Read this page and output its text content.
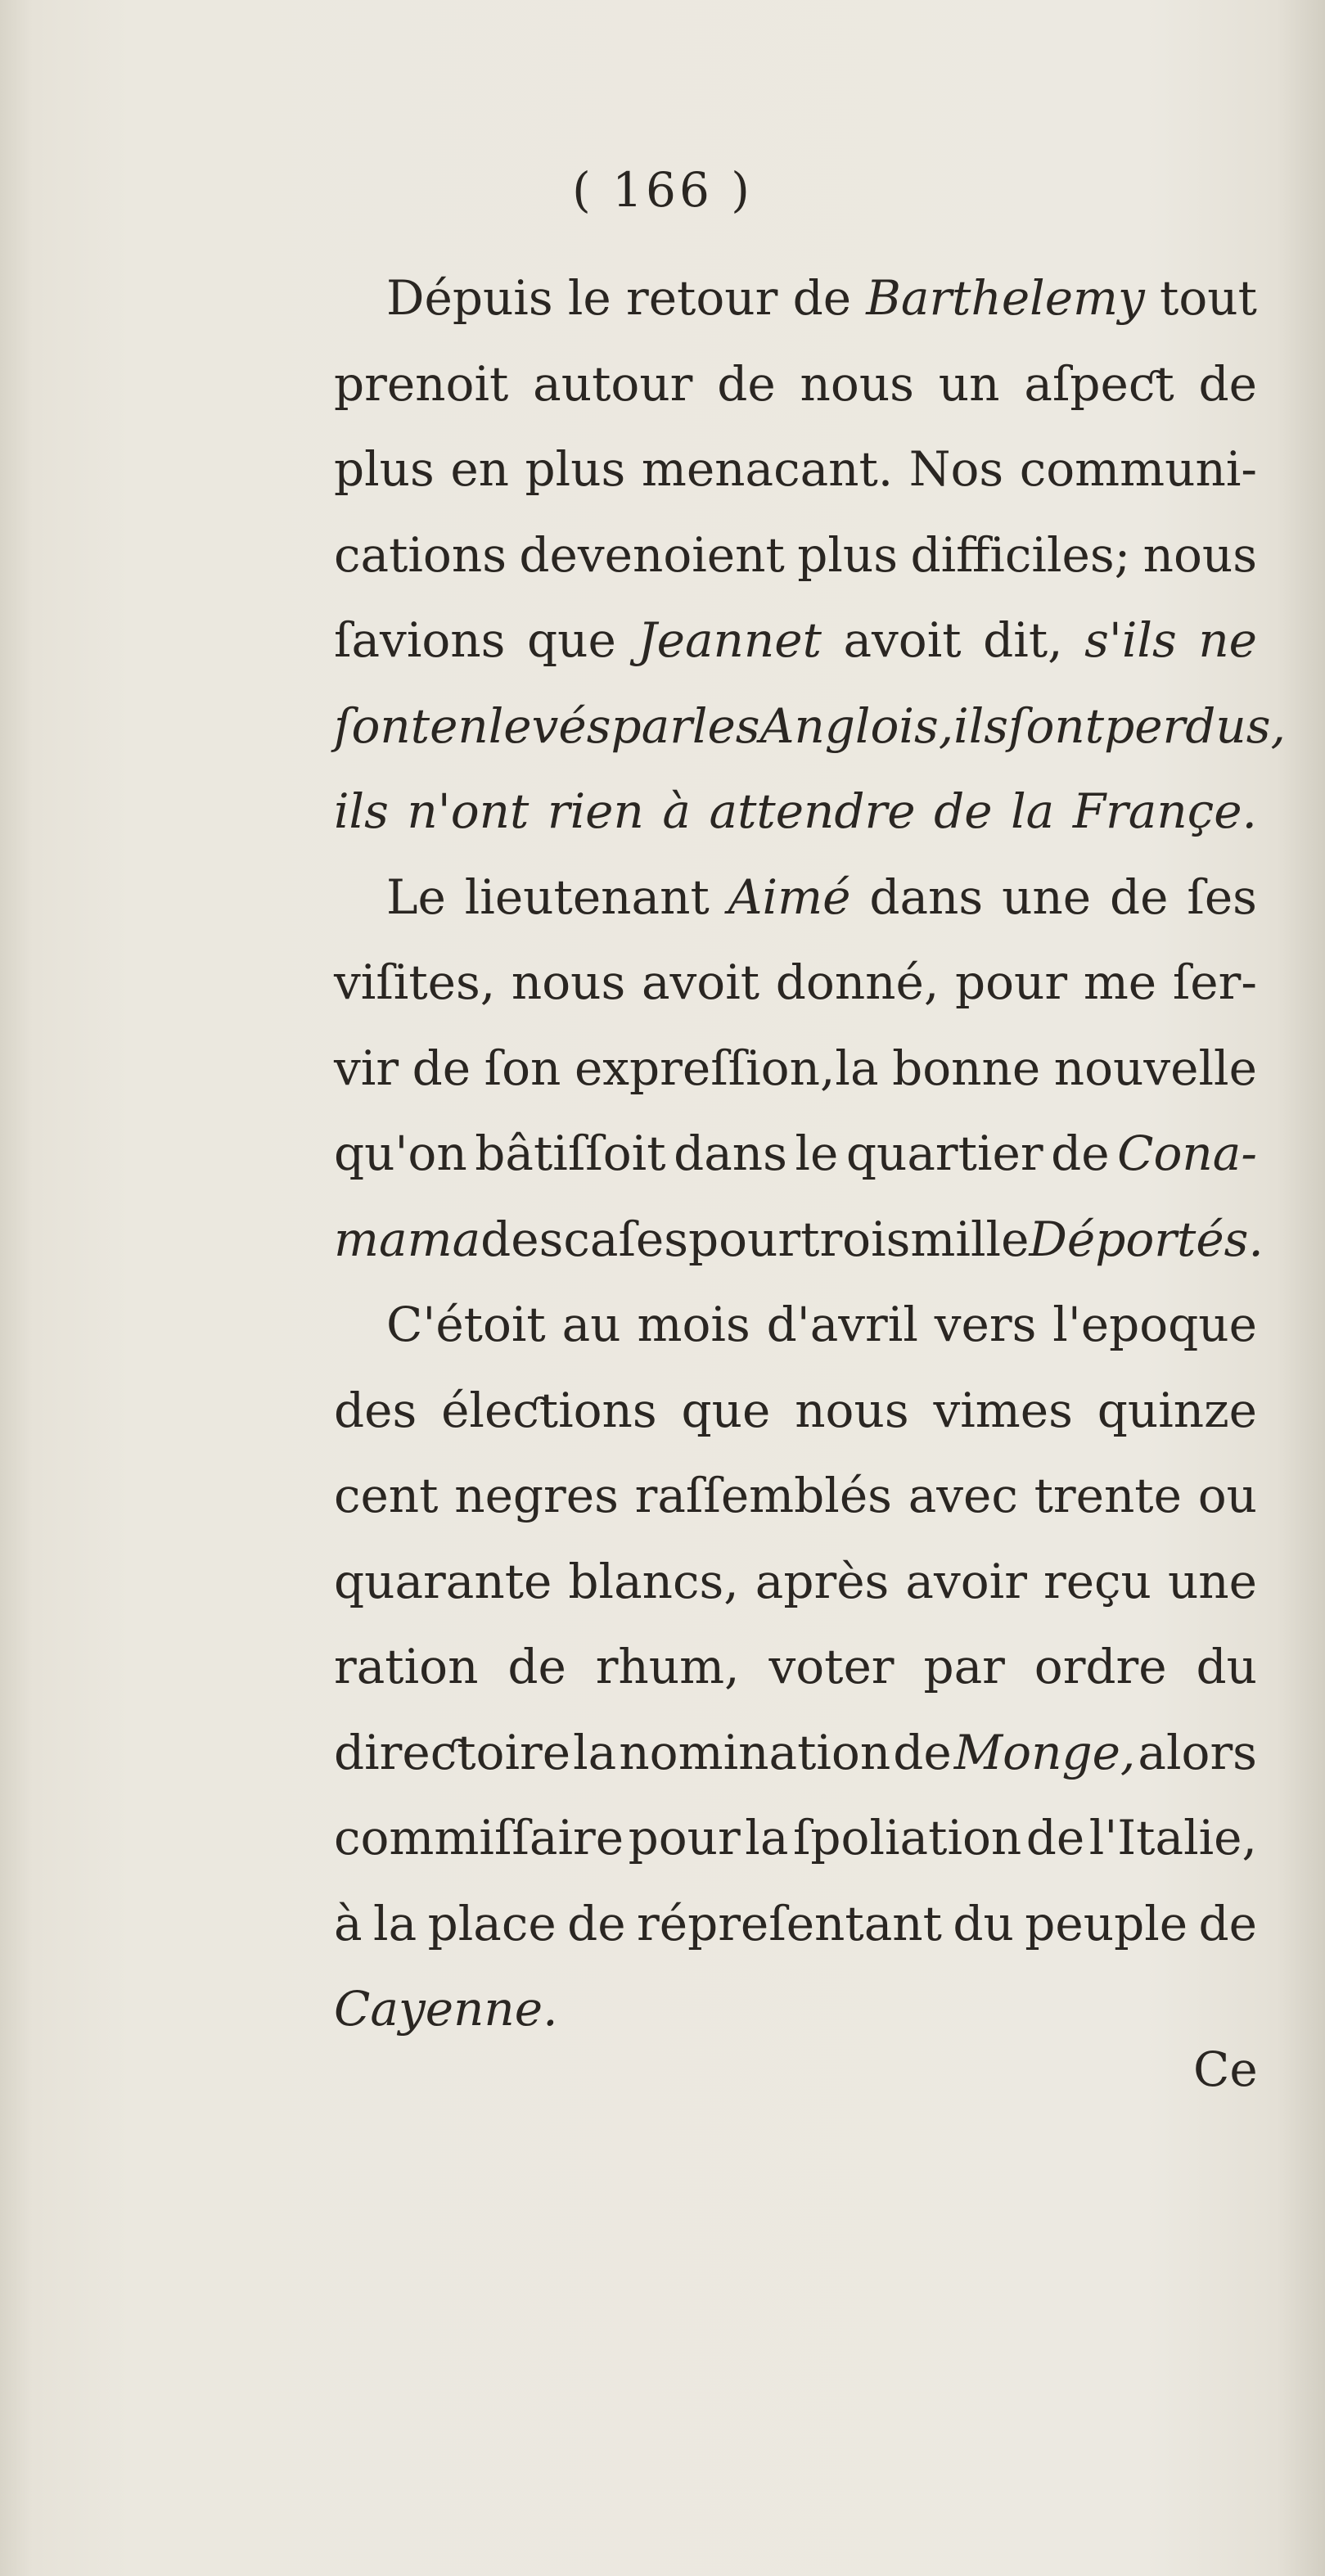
( 166 )
Dépuis le retour de Barthelemy tout
prenoit autour de nous un aſpeƈt de
plus en plus menacant. Nos communi-
cations devenoient plus difficiles; nous
ſavions que Jeannet avoit dit, s'ils ne
ſont enlevés par les Anglois, ils ſont perdus,
ils n'ont rien à attendre de la Françe.
Le lieutenant Aimé dans une de ſes
viſites, nous avoit donné, pour me ſer-
vir de ſon expreſſion,la bonne nouvelle
qu'on bâtiſſoit dans le quartier de Cona-
mama des caſes pour trois mille Déportés.
C'étoit au mois d'avril vers l'epoque
des éleƈtions que nous vimes quinze
cent negres raſſemblés avec trente ou
quarante blancs, après avoir reçu une
ration de rhum, voter par ordre du
direƈtoire la nomination de Monge, alors
commiſſaire pour la ſpoliation de l'Italie,
à la place de répreſentant du peuple de
Cayenne.
Ce
